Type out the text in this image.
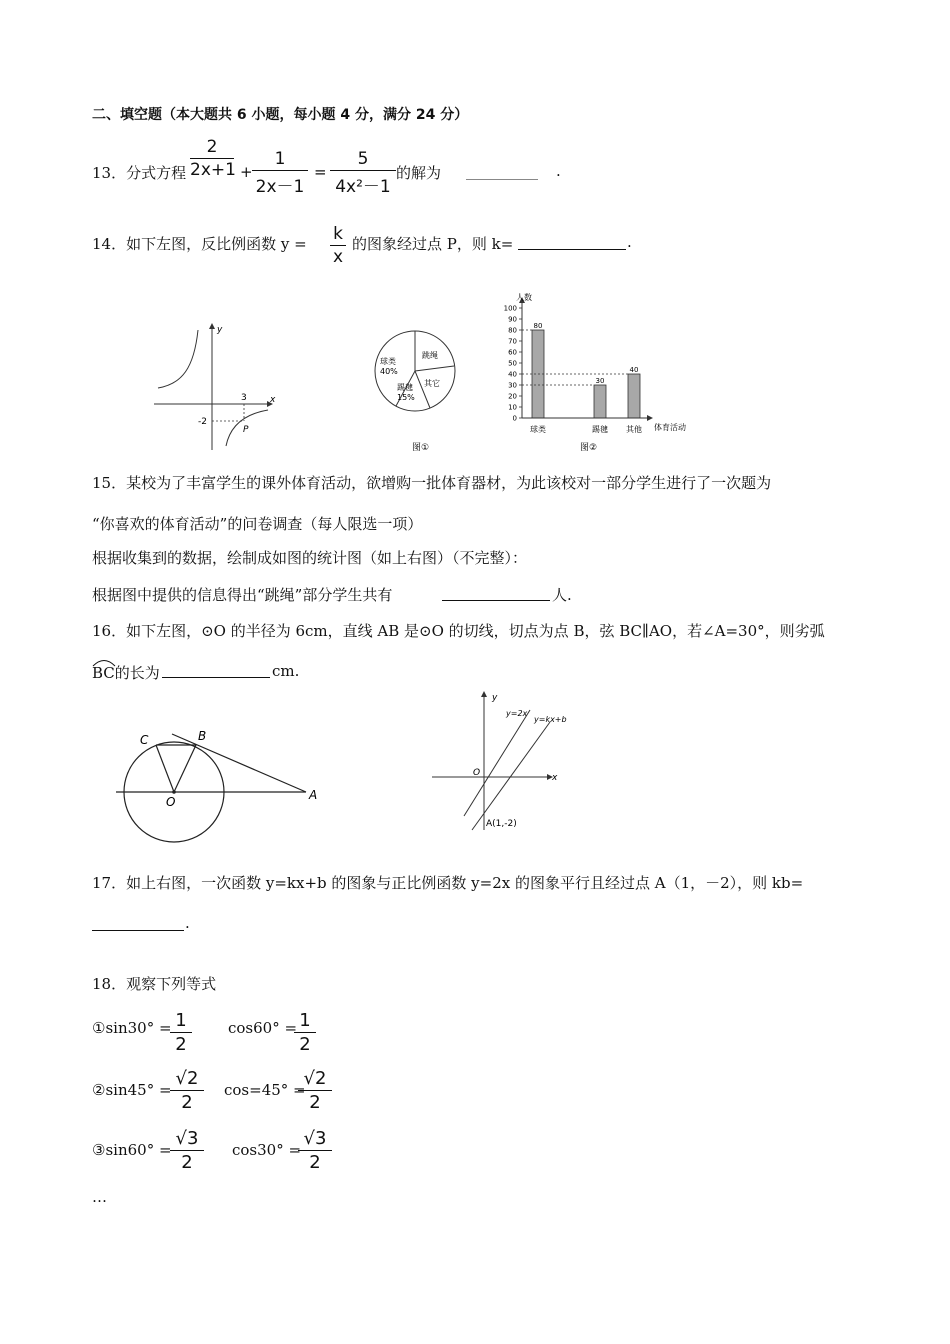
二、填空题（本大题共 6 小题，每小题 4 分，满分 24 分）
13．分式方程
2
2x+1 +
1
2x－1
=
5
4x²－1
的解为	.
14．如下左图，反比例函数 y = k
x
的图象经过点 P，则 k=	.
y
x
3
-2
P
球类
40%
跳绳
其它
踢毽
15%
图①
0
10
20
30
40
50
60
70
80
90
100
80
球类
30
踢毽
40
其他
人数
体育活动
图②
15．某校为了丰富学生的课外体育活动，欲增购一批体育器材，为此该校对一部分学生进行了一次题为
“你喜欢的体育活动”的问卷调查（每人限选一项）
根据收集到的数据，绘制成如图的统计图（如上右图）（不完整）：
根据图中提供的信息得出“跳绳”部分学生共有	人.
16．如下左图，⊙O 的半径为 6cm，直线 AB 是⊙O 的切线，切点为点 B，弦 BC∥AO，若∠A=30°，则劣弧
BC的长为	cm.
C	B
O	A
y
x
O
y=2x
y=kx+b
A(1,-2)
17．如上右图，一次函数 y=kx+b 的图象与正比例函数 y=2x 的图象平行且经过点 A（1，－2），则 kb=
.
18．观察下列等式
①sin30° = 1
2
cos60° = 1
2
②sin45° =
√2
2
cos=45° =
√2
2
③sin60° =
√3
2
cos30° =
√3
2
…
